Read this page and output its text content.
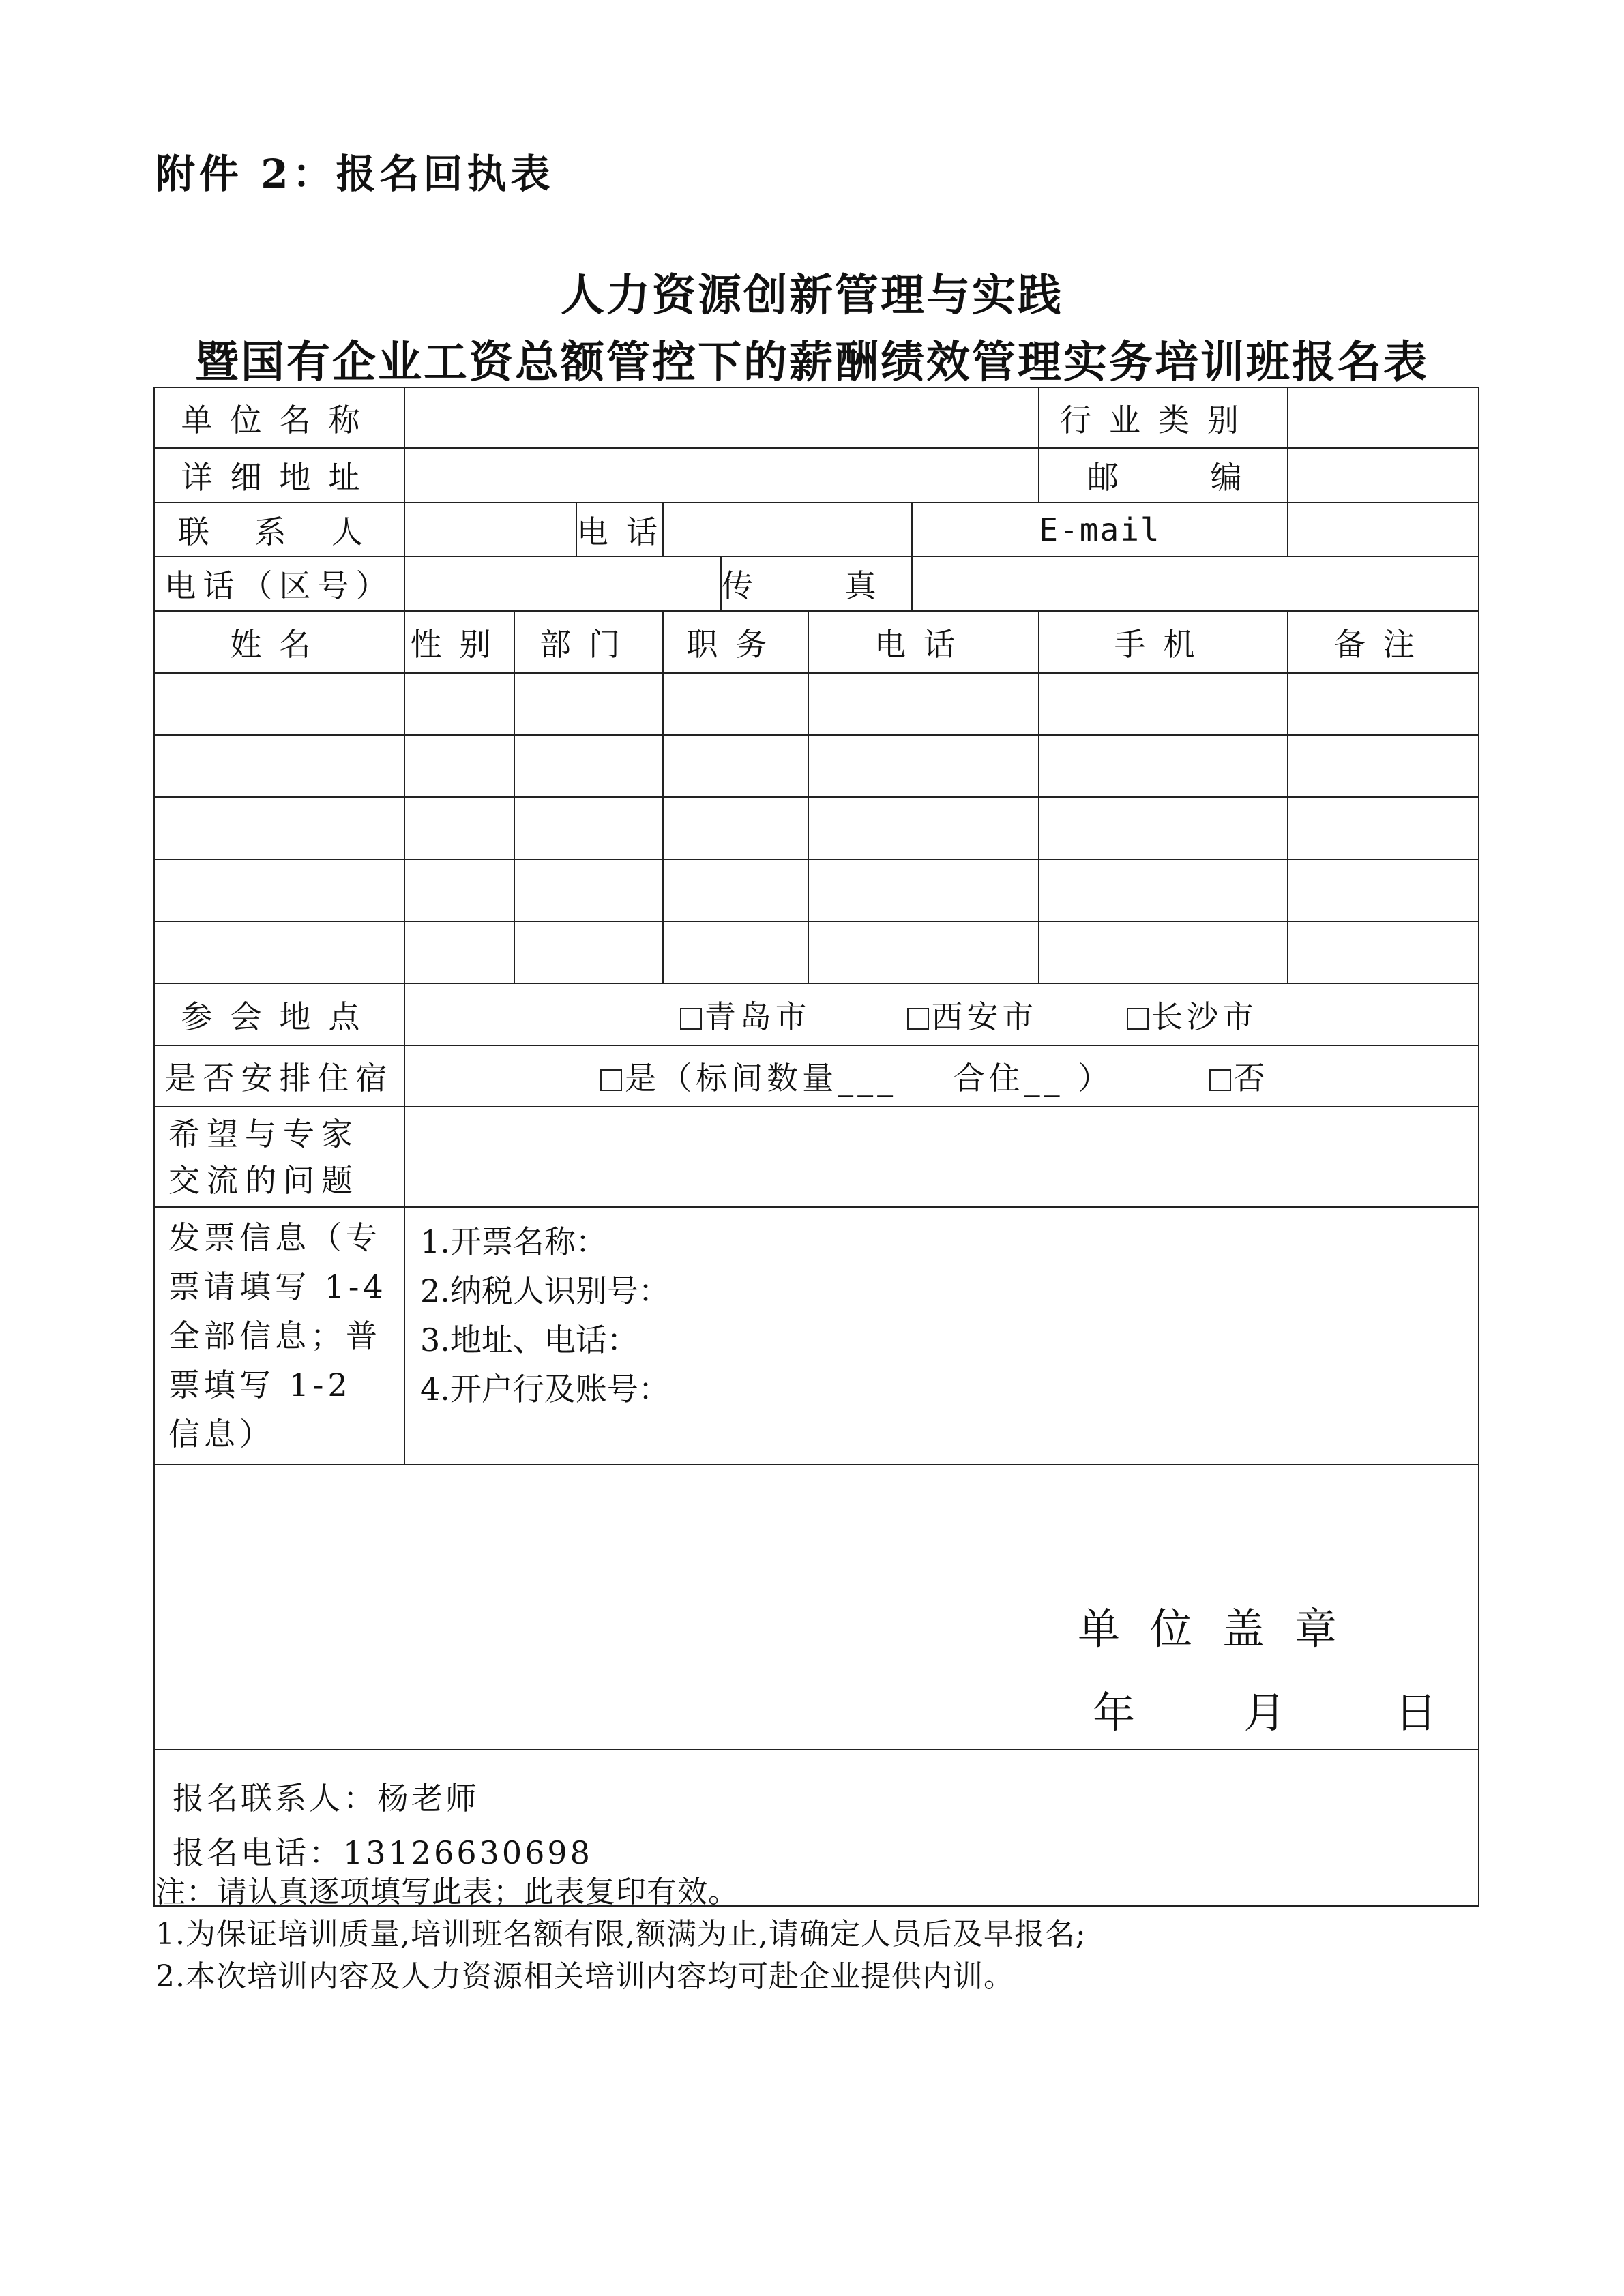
附件 2：报名回执表
人力资源创新管理与实践
暨国有企业工资总额管控下的薪酬绩效管理实务培训班报名表
单位名称								行业类别	
详细地址								邮 编	
联 系 人			电话				E-mail		
电话（区号）					传 真				
姓名	性别	部门		职务		电话		手机	备注

参会地点	青岛市 西安市 长沙市								
是否安排住宿	是（标间数量___    合住__ ） 否								
希望与专家交流的问题									
发票信息（专票请填写 1-4 全部信息；普票填写 1-2 信息）	1.开票名称：
2.纳税人识别号：
3.地址、电话：
4.开户行及账号：								

单位盖章
年  月  日									

报名联系人：杨老师
报名电话：13126630698									
注：请认真逐项填写此表；此表复印有效。
1.为保证培训质量,培训班名额有限,额满为止,请确定人员后及早报名;
2.本次培训内容及人力资源相关培训内容均可赴企业提供内训。
